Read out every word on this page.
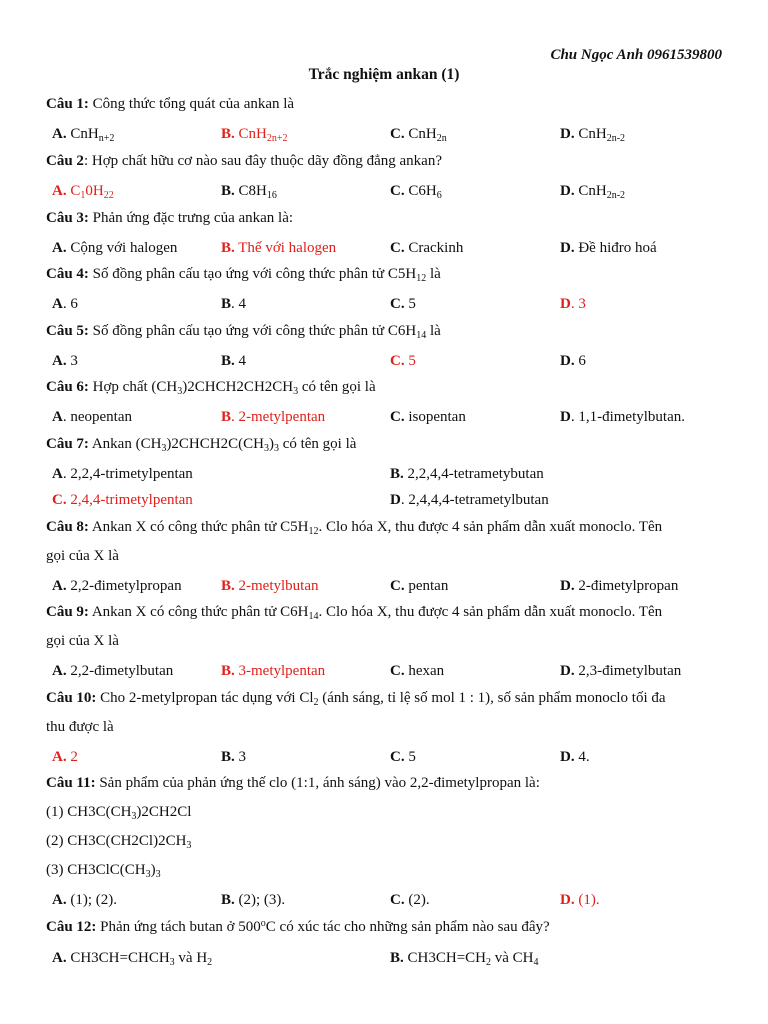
Chu Ngọc Anh 0961539800
Trắc nghiệm ankan (1)
Câu 1: Công thức tổng quát của ankan là
A. CnH$_{n+2}$	B. CnH$_{2n+2}$	C. CnH$_{2n}$	D. CnH$_{2n-2}$
Câu 2: Hợp chất hữu cơ nào sau đây thuộc dãy đồng đẳng ankan?
A. $C_10H_{22}$	B. $C8H_{16}$	C. $C6H_6$	D. CnH$_{2n-2}$
Câu 3: Phản ứng đặc trưng của ankan là:
A. Cộng với halogen	B. Thế với halogen	C. Crackinh	D. Đề hiđro hoá
Câu 4: Số đồng phân cấu tạo ứng với công thức phân tử $C5H_{12}$ là
A. 6	B. 4	C. 5	D. 3
Câu 5: Số đồng phân cấu tạo ứng với công thức phân tử $C6H_{14}$ là
A. 3	B. 4	C. 5	D. 6
Câu 6: Hợp chất $(CH_3)2CHCH2CH2CH_3$ có tên gọi là
A. neopentan	B. 2-metylpentan	C. isopentan	D. 1,1-đimetylbutan.
Câu 7: Ankan $(CH_3)2CHCH2C(CH_3)_3$ có tên gọi là
A. 2,2,4-trimetylpentan	B. 2,2,4,4-tetrametybutan
C. 2,4,4-trimetylpentan	D. 2,4,4,4-tetrametylbutan
Câu 8: Ankan X có công thức phân tử $C5H_{12}$. Clo hóa X, thu được 4 sản phẩm dẫn xuất monoclo. Tên
gọi của X là
A. 2,2-đimetylpropan	B. 2-metylbutan	C. pentan	D. 2-đimetylpropan
Câu 9: Ankan X có công thức phân tử $C6H_{14}$. Clo hóa X, thu được 4 sản phẩm dẫn xuất monoclo. Tên
gọi của X là
A. 2,2-đimetylbutan	B. 3-metylpentan	C. hexan	D. 2,3-đimetylbutan
Câu 10: Cho 2-metylpropan tác dụng với $Cl_2$ (ánh sáng, tỉ lệ số mol 1 : 1), số sản phẩm monoclo tối đa
thu được là
A. 2	B. 3	C. 5	D. 4.
Câu 11: Sản phẩm của phản ứng thế clo (1:1, ánh sáng) vào 2,2-đimetylpropan là:
(1) $CH3C(CH_3)2CH2Cl$
(2) $CH3C(CH2Cl)2CH_3$
(3) $CH3ClC(CH_3)_3$
A. (1); (2).	B. (2); (3).	C. (2).	D. (1).
Câu 12: Phản ứng tách butan ở 500$^o$C có xúc tác cho những sản phẩm nào sau đây?
A. $CH3CH=CHCH_3$ và $H_2$	B. $CH3CH=CH_2$ và $CH_4$
